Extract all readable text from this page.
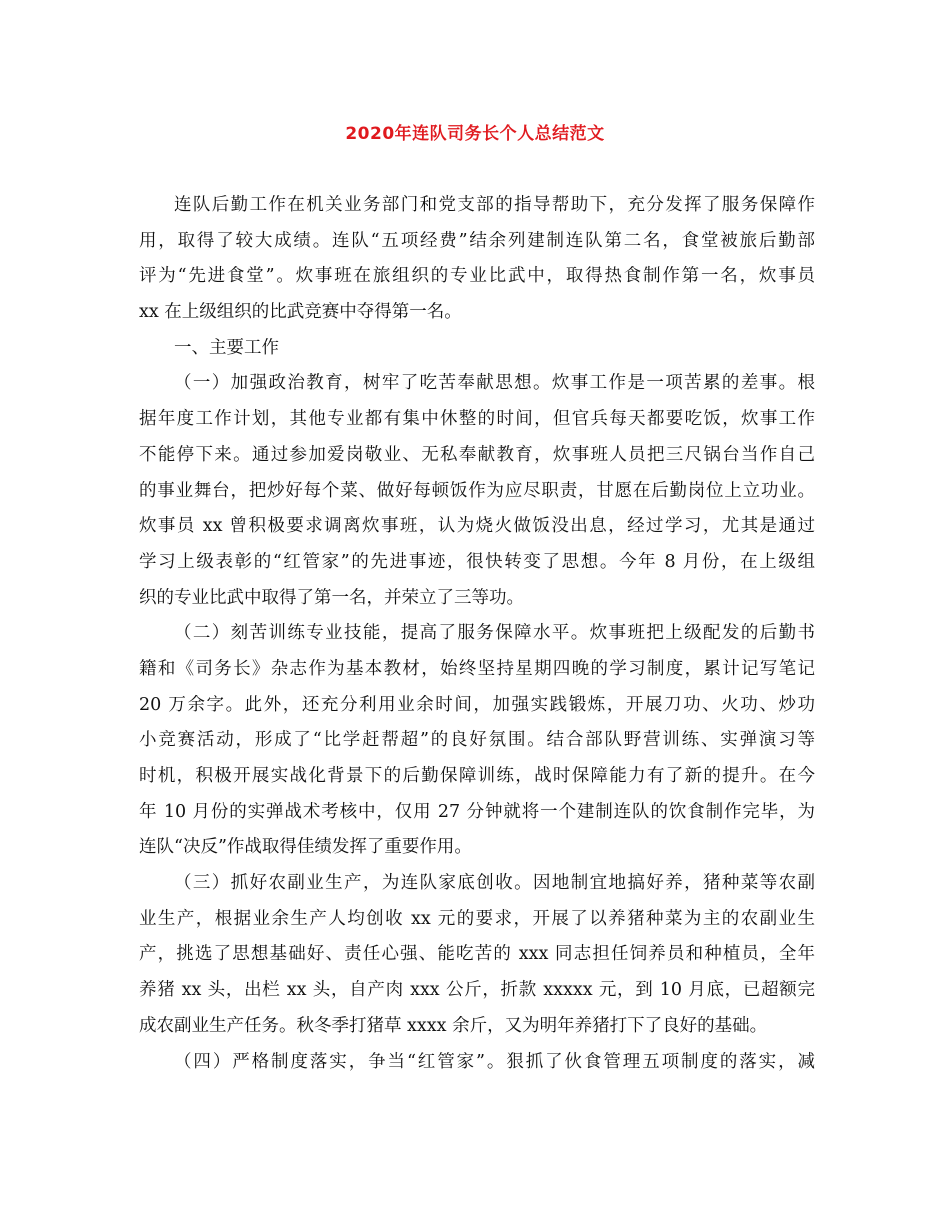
2020年连队司务长个人总结范文
连队后勤工作在机关业务部门和党支部的指导帮助下，充分发挥了服务保障作
用，取得了较大成绩。连队“五项经费”结余列建制连队第二名，食堂被旅后勤部
评为“先进食堂”。炊事班在旅组织的专业比武中，取得热食制作第一名，炊事员
xx 在上级组织的比武竞赛中夺得第一名。
一、主要工作
（一）加强政治教育，树牢了吃苦奉献思想。炊事工作是一项苦累的差事。根
据年度工作计划，其他专业都有集中休整的时间，但官兵每天都要吃饭，炊事工作
不能停下来。通过参加爱岗敬业、无私奉献教育，炊事班人员把三尺锅台当作自己
的事业舞台，把炒好每个菜、做好每顿饭作为应尽职责，甘愿在后勤岗位上立功业。
炊事员 xx 曾积极要求调离炊事班，认为烧火做饭没出息，经过学习，尤其是通过
学习上级表彰的“红管家”的先进事迹，很快转变了思想。今年 8 月份，在上级组
织的专业比武中取得了第一名，并荣立了三等功。
（二）刻苦训练专业技能，提高了服务保障水平。炊事班把上级配发的后勤书
籍和《司务长》杂志作为基本教材，始终坚持星期四晚的学习制度，累计记写笔记
20 万余字。此外，还充分利用业余时间，加强实践锻炼，开展刀功、火功、炒功
小竞赛活动，形成了“比学赶帮超”的良好氛围。结合部队野营训练、实弹演习等
时机，积极开展实战化背景下的后勤保障训练，战时保障能力有了新的提升。在今
年 10 月份的实弹战术考核中，仅用 27 分钟就将一个建制连队的饮食制作完毕，为
连队“决反”作战取得佳绩发挥了重要作用。
（三）抓好农副业生产，为连队家底创收。因地制宜地搞好养，猪种菜等农副
业生产，根据业余生产人均创收 xx 元的要求，开展了以养猪种菜为主的农副业生
产，挑选了思想基础好、责任心强、能吃苦的 xxx 同志担任饲养员和种植员，全年
养猪 xx 头，出栏 xx 头，自产肉 xxx 公斤，折款 xxxxx 元，到 10 月底，已超额完
成农副业生产任务。秋冬季打猪草 xxxx 余斤，又为明年养猪打下了良好的基础。
（四）严格制度落实，争当“红管家”。狠抓了伙食管理五项制度的落实，减
